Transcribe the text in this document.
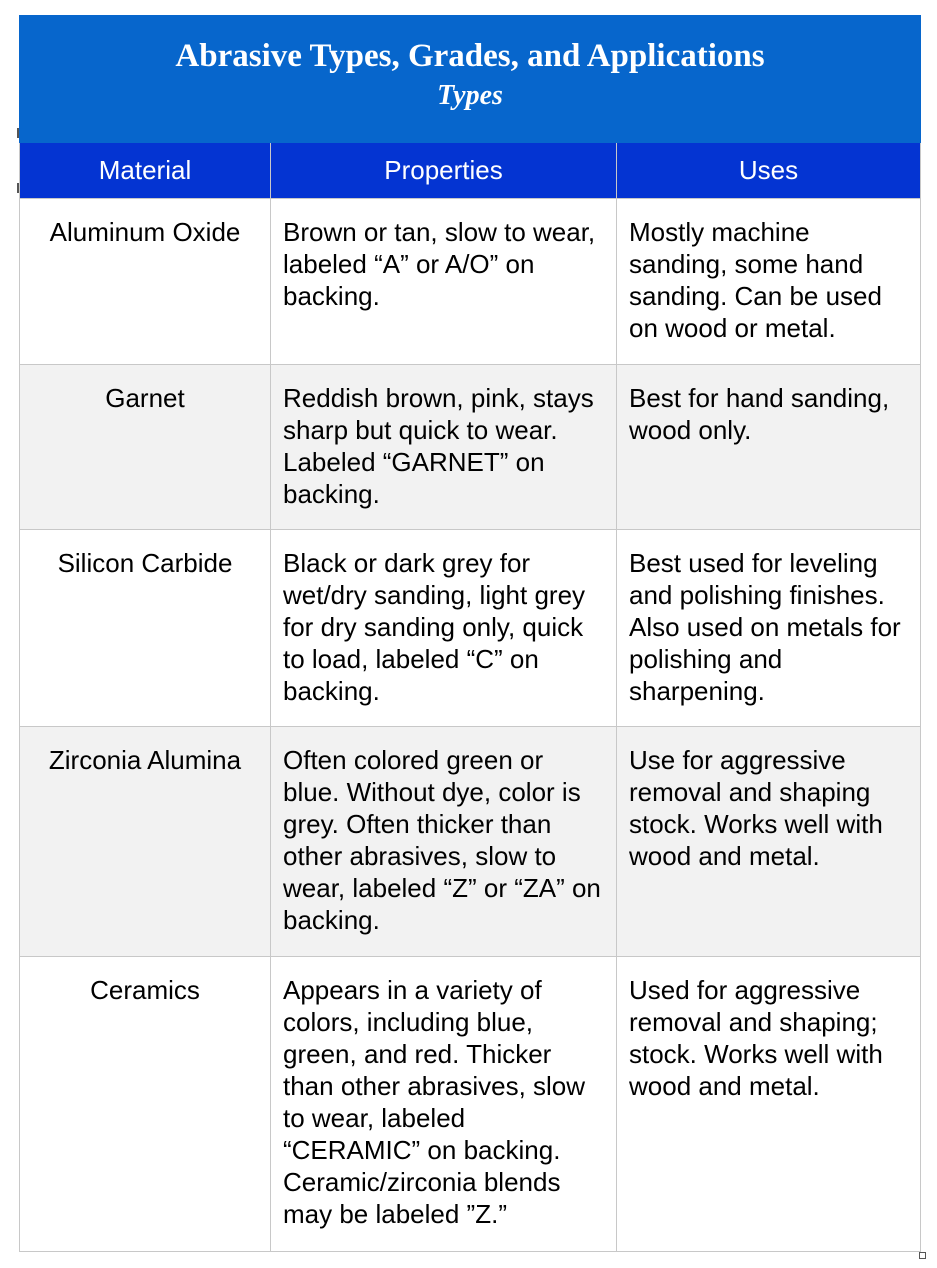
Abrasive Types, Grades, and Applications
Types		

Material	Properties	Uses
Aluminum Oxide	Brown or tan, slow to wear, labeled “A” or A/O” on backing.	Mostly machine sanding, some hand sanding. Can be used on wood or metal.
Garnet	Reddish brown, pink, stays sharp but quick to wear. Labeled “GARNET” on backing.	Best for hand sanding, wood only.
Silicon Carbide	Black or dark grey for wet/dry sanding, light grey for dry sanding only, quick to load, labeled “C” on backing.	Best used for leveling and polishing finishes. Also used on metals for polishing and sharpening.
Zirconia Alumina	Often colored green or blue. Without dye, color is grey. Often thicker than other abrasives, slow to wear, labeled “Z” or “ZA” on backing.	Use for aggressive removal and shaping stock. Works well with wood and metal.
Ceramics	Appears in a variety of colors, including blue, green, and red. Thicker than other abrasives, slow to wear, labeled “CERAMIC” on backing. Ceramic/zirconia blends may be labeled ”Z.”	Used for aggressive removal and shaping; stock. Works well with wood and metal.
